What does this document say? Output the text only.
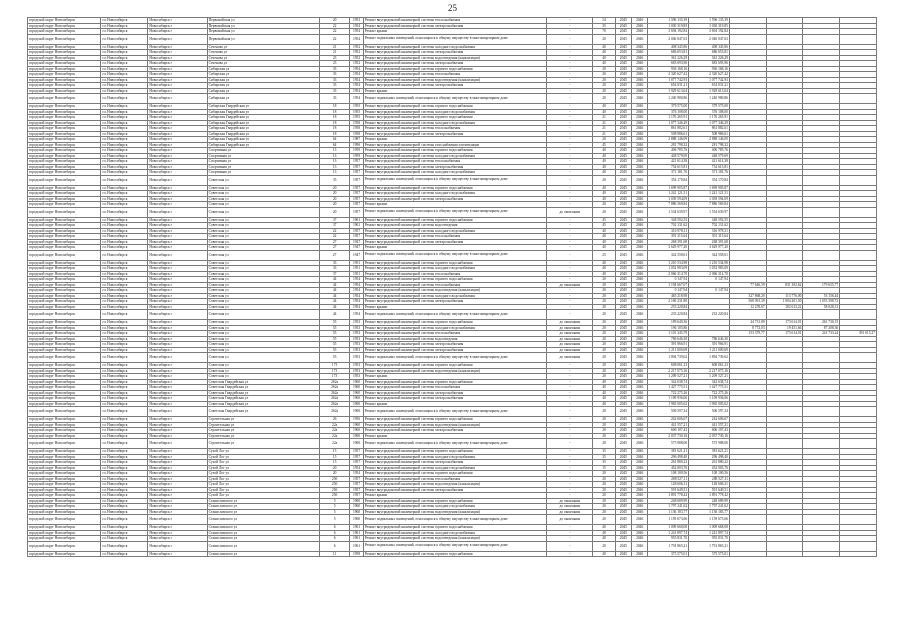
25
городской округ Новосибирск	г.о.Новосибирск	Новосибирск г	Первомайская ул	20	1953	Ремонт внутридомовой инженерной системы теплоснабжения	-	54	2045	2046	1 596 135,39	1 596 135,39				
городской округ Новосибирск	г.о.Новосибирск	Новосибирск г	Первомайская ул	22	1954	Ремонт внутридомовой инженерной системы электроснабжения	-	35	2045	2046	1 030 319,85	1 030 319,85				
городской округ Новосибирск	г.о.Новосибирск	Новосибирск г	Первомайская ул	22	1954	Ремонт крыши	-	70	2045	2046	3 694 192,84	3 694 192,84				
городской округ Новосибирск	г.о.Новосибирск	Новосибирск г	Первомайская ул	22	1954	Ремонт подвальных помещений, относящихся к общему имуществу в многоквартирном доме	-	20	2045	2046	2 046 047,63	2 046 047,63				
городской округ Новосибирск	г.о.Новосибирск	Новосибирск г	Сеченова ул	21	1952	Ремонт внутридомовой инженерной системы холодного водоснабжения	-	40	2045	2046	408 345,86	408 345,86				
городской округ Новосибирск	г.о.Новосибирск	Новосибирск г	Сеченова ул	21	1952	Ремонт внутридомовой инженерной системы электроснабжения	-	40	2045	2046	686 653,81	686 653,81				
городской округ Новосибирск	г.о.Новосибирск	Новосибирск г	Сеченова ул	23	1952	Ремонт внутридомовой инженерной системы водоотведения (канализации)	-	40	2045	2046	361 226,29	361 226,29				
городской округ Новосибирск	г.о.Новосибирск	Новосибирск г	Сеченова ул	23	1952	Ремонт внутридомовой инженерной системы электроснабжения	-	40	2045	2046	683 693,96	683 693,96				
городской округ Новосибирск	г.о.Новосибирск	Новосибирск г	Сибирская ул	33	1954	Ремонт внутридомовой инженерной системы горячего водоснабжения	-	20	2045	2046	936 168,16	936 168,16				
городской округ Новосибирск	г.о.Новосибирск	Новосибирск г	Сибирская ул	33	1954	Ремонт внутридомовой инженерной системы теплоснабжения	-	20	2045	2046	2 320 627,42	2 320 627,42				
городской округ Новосибирск	г.о.Новосибирск	Новосибирск г	Сибирская ул	33	1954	Ремонт внутридомовой инженерной системы водоотведения (канализации)	-	20	2045	2046	1 077 742,93	1 077 742,93				
городской округ Новосибирск	г.о.Новосибирск	Новосибирск г	Сибирская ул	33	1954	Ремонт внутридомовой инженерной системы электроснабжения	-	20	2045	2046	654 031,21	654 031,21				
городской округ Новосибирск	г.о.Новосибирск	Новосибирск г	Сибирская ул	33	1954	Ремонт крыши	-	20	2045	2046	1 929 613,64	1 929 613,64				
городской округ Новосибирск	г.о.Новосибирск	Новосибирск г	Сибирская ул	33	1954	Ремонт подвальных помещений, относящихся к общему имуществу в многоквартирном доме	-	20	2045	2046	1 240 980,86	1 240 980,86				
городской округ Новосибирск	г.о.Новосибирск	Новосибирск г	Сибирская Гвардейская ул	18	1955	Ремонт внутридомовой инженерной системы горячего водоснабжения	-	40	2045	2046	379 575,00	379 575,00				
городской округ Новосибирск	г.о.Новосибирск	Новосибирск г	Сибирская Гвардейская ул	18	1955	Ремонт внутридомовой инженерной системы холодного водоснабжения	-	40	2045	2046	376 108,00	376 108,00				
городской округ Новосибирск	г.о.Новосибирск	Новосибирск г	Сибирская Гвардейская ул	18	1955	Ремонт внутридомовой инженерной системы горячего водоснабжения	-	21	2045	2046	1 176 265,91	1 176 265,91				
городской округ Новосибирск	г.о.Новосибирск	Новосибирск г	Сибирская Гвардейская ул	18	1958	Ремонт внутридомовой инженерной системы холодного водоснабжения	-	21	2045	2046	1 077 346,29	1 077 346,29				
городской округ Новосибирск	г.о.Новосибирск	Новосибирск г	Сибирская Гвардейская ул	18	1958	Ремонт внутридомовой инженерной системы теплоснабжения	-	21	2045	2046	861 882,61	861 882,61				
городской округ Новосибирск	г.о.Новосибирск	Новосибирск г	Сибирская Гвардейская ул	18	1958	Ремонт внутридомовой инженерной системы электроснабжения	-	21	2045	2046	508 986,61	508 986,61				
городской округ Новосибирск	г.о.Новосибирск	Новосибирск г	Сибирская Гвардейская ул	64	1987	Ремонт крыши	-	20	2045	2046	2 888 146,09	2 888 146,09				
городской округ Новосибирск	г.о.Новосибирск	Новосибирск г	Сибирская Гвардейская ул	64	1996	Ремонт внутридомовой инженерной системы газоснабжения и вентиляции	-	45	2045	2046	281 798,32	281 798,32				
городской округ Новосибирск	г.о.Новосибирск	Новосибирск г	Спортивная ул	13	1959	Ремонт внутридомовой инженерной системы горячего водоснабжения	-	40	2045	2046	406 785,76	406 785,76				
городской округ Новосибирск	г.о.Новосибирск	Новосибирск г	Спортивная ул	13	1959	Ремонт внутридомовой инженерной системы холодного водоснабжения	-	40	2045	2046	448 579,69	448 579,69				
городской округ Новосибирск	г.о.Новосибирск	Новосибирск г	Спортивная ул	13	1957	Ремонт внутридомовой инженерной системы теплоснабжения	-	40	2045	2046	421 614,38	421 614,38				
городской округ Новосибирск	г.о.Новосибирск	Новосибирск г	Спортивная ул	13	1957	Ремонт внутридомовой инженерной системы электроснабжения	-	40	2045	2046	734 615,81	734 615,81				
городской округ Новосибирск	г.о.Новосибирск	Новосибирск г	Спортивная ул	13	1957	Ремонт внутридомовой инженерной системы холодного водоснабжения	-	40	2045	2046	371 181,76	371 181,76				
городской округ Новосибирск	г.о.Новосибирск	Новосибирск г	Советская ул	35	1957	Ремонт подвальных помещений, относящихся к общему имуществу в многоквартирном доме	-	20	2045	2046	354 170,84	354 170,84				
городской округ Новосибирск	г.о.Новосибирск	Новосибирск г	Советская ул	20	1957	Ремонт внутридомовой инженерной системы горячего водоснабжения	-	40	2045	2046	1 699 905,87	1 699 905,87				
городской округ Новосибирск	г.о.Новосибирск	Новосибирск г	Советская ул	20	1957	Ремонт внутридомовой инженерной системы холодного водоснабжения	-	40	2045	2046	1 241 121,51	1 241 121,51				
городской округ Новосибирск	г.о.Новосибирск	Новосибирск г	Советская ул	20	1957	Ремонт внутридомовой инженерной системы электроснабжения	-	40	2045	2046	1 039 594,09	1 039 594,09				
городской округ Новосибирск	г.о.Новосибирск	Новосибирск г	Советская ул	20	1957	Ремонт крыши	-	20	2045	2046	7 886 569,84	7 886 569,84				
городской округ Новосибирск	г.о.Новосибирск	Новосибирск г	Советская ул	20	1957	Ремонт подвальных помещений, относящихся к общему имуществу в многоквартирном доме	до окончания	20	2045	2046	1 534 639,97	1 534 639,97				
городской округ Новосибирск	г.о.Новосибирск	Новосибирск г	Советская ул	37	1961	Ремонт внутридомовой инженерной системы горячего водоснабжения	-	45	2045	2046	348 592,55	348 592,55				
городской округ Новосибирск	г.о.Новосибирск	Новосибирск г	Советская ул	37	1961	Ремонт внутридомовой инженерной системы водоотведения	-	45	2045	2046	702 131,62	702 131,62				
городской округ Новосибирск	г.о.Новосибирск	Новосибирск г	Советская ул	22	1957	Ремонт внутридомовой инженерной системы холодного водоснабжения	-	40	2045	2046	316 978,31	316 978,31				
городской округ Новосибирск	г.о.Новосибирск	Новосибирск г	Советская ул	22	1957	Ремонт внутридомовой инженерной системы теплоснабжения	-	40	2045	2046	391 315,64	391 315,64				
городской округ Новосибирск	г.о.Новосибирск	Новосибирск г	Советская ул	27	1947	Ремонт внутридомовой инженерной системы электроснабжения	-	40	2045	2046	268 391,68	268 391,68				
городской округ Новосибирск	г.о.Новосибирск	Новосибирск г	Советская ул	27	1947	Ремонт крыши	-	40	2045	2046	3 629 977,20	3 629 977,20				
городской округ Новосибирск	г.о.Новосибирск	Новосибирск г	Советская ул	27	1947	Ремонт подвальных помещений, относящихся к общему имуществу в многоквартирном доме	-	25	2045	2046	342 558,61	342 558,61				
городской округ Новосибирск	г.о.Новосибирск	Новосибирск г	Советская ул	33	1951	Ремонт внутридомовой инженерной системы горячего водоснабжения	-	40	2045	2046	1 210 534,98	1 210 534,98				
городской округ Новосибирск	г.о.Новосибирск	Новосибирск г	Советская ул	33	1951	Ремонт внутридомовой инженерной системы холодного водоснабжения	-	40	2045	2046	1 052 983,09	1 052 983,09				
городской округ Новосибирск	г.о.Новосибирск	Новосибирск г	Советская ул	37	1951	Ремонт внутридомовой инженерной системы теплоснабжения	-	40	2045	2046	2 066 314,70	2 066 314,70				
городской округ Новосибирск	г.о.Новосибирск	Новосибирск г	Советская ул	44	1954	Ремонт внутридомовой инженерной системы горячего водоснабжения	-	20	2045	2046	0 147,94	0 147,94				
городской округ Новосибирск	г.о.Новосибирск	Новосибирск г	Советская ул	44	1954	Ремонт внутридомовой инженерной системы теплоснабжения	до окончания	20	2045	2046	1 194 667,07		77 646,59	831 392,62	179 655,77	
городской округ Новосибирск	г.о.Новосибирск	Новосибирск г	Советская ул	44	1954	Ремонт внутридомовой инженерной системы водоотведения (канализации)	-	20	2045	2046	0 147,94	0 147,94				
городской округ Новосибирск	г.о.Новосибирск	Новосибирск г	Советская ул	44	1954	Ремонт внутридомовой инженерной системы холодного водоснабжения	-	20	2045	2046	465 218,98		327 868,20	113 776,00	53 156,44	
городской округ Новосибирск	г.о.Новосибирск	Новосибирск г	Советская ул	44	1954	Ремонт внутридомовой инженерной системы электроснабжения	-	20	2045	2046	2 169 231,80		568 091,39	1 004 201,50	1 053 398,72	
городской округ Новосибирск	г.о.Новосибирск	Новосибирск г	Советская ул	44	1954	Ремонт крыши	-	20	2045	2046	253 220,84		12 259,67	182 613,22	58 028,31	
городской округ Новосибирск	г.о.Новосибирск	Новосибирск г	Советская ул	44	1954	Ремонт подвальных помещений, относящихся к общему имуществу в многоквартирном доме	-	20	2045	2046	233 220,84	233 220,84				
городской округ Новосибирск	г.о.Новосибирск	Новосибирск г	Советская ул	55	1953	Ремонт внутридомовой инженерной системы горячего водоснабжения	до окончания	20	2045	2046	189 640,36		24 731,89	173 614,01	261 730,15	
городской округ Новосибирск	г.о.Новосибирск	Новосибирск г	Советская ул	55	1953	Ремонт внутридомовой инженерной системы холодного водоснабжения	до окончания	20	2045	2046	196 105,86		8 772,03	19 451,66	87 208,36	
городской округ Новосибирск	г.о.Новосибирск	Новосибирск г	Советская ул	55	1953	Ремонт внутридомовой инженерной системы теплоснабжения	до окончания	20	2045	2046	1 101 345,79		153 379,77	173 614,01	241 733,24	391 015,27
городской округ Новосибирск	г.о.Новосибирск	Новосибирск г	Советская ул	55	1953	Ремонт внутридомовой инженерной системы водоотведения	до окончания	20	2045	2046	786 646,30	786 646,30				
городской округ Новосибирск	г.о.Новосибирск	Новосибирск г	Советская ул	55	1953	Ремонт внутридомовой инженерной системы электроснабжения	до окончания	20	2045	2046	391 966,91	391 966,91				
городской округ Новосибирск	г.о.Новосибирск	Новосибирск г	Советская ул	55	1953	Ремонт внутридомовой инженерной системы электроснабжения	до окончания	20	2045	2046	1 211 000,69	1 211 000,69				
городской округ Новосибирск	г.о.Новосибирск	Новосибирск г	Советская ул	55	1953	Ремонт подвальных помещений, относящихся к общему имуществу в многоквартирном доме	до окончания	20	2045	2046	1 894 739,62	1 894 739,62				
городской округ Новосибирск	г.о.Новосибирск	Новосибирск г	Советская ул	173	1953	Ремонт внутридомовой инженерной системы горячего водоснабжения	-	20	2045	2046	608 061,23	608 061,23				
городской округ Новосибирск	г.о.Новосибирск	Новосибирск г	Советская ул	173	1953	Ремонт внутридомовой инженерной системы водоотведения (канализации)	-	20	2045	2046	2 217 075,16	2 217 075,16				
городской округ Новосибирск	г.о.Новосибирск	Новосибирск г	Советская ул	173	1953	Ремонт крыши	-	20	2045	2046	1 209 527,21	1 209 527,21				
городской округ Новосибирск	г.о.Новосибирск	Новосибирск г	Советская Гвардейская ул	262а	1960	Ремонт внутридомовой инженерной системы горячего водоснабжения	-	40	2045	2046	342 638,74	342 638,74				
городской округ Новосибирск	г.о.Новосибирск	Новосибирск г	Советская Гвардейская ул	262а	1960	Ремонт внутридомовой инженерной системы теплоснабжения	-	40	2045	2046	1 427 775,51	1 427 775,51				
городской округ Новосибирск	г.о.Новосибирск	Новосибирск г	Советская Гвардейская ул	262а	1960	Ремонт внутридомовой инженерной системы электроснабжения	-	40	2045	2046	722 275,26	722 275,26				
городской округ Новосибирск	г.о.Новосибирск	Новосибирск г	Советская Гвардейская ул	262а	1960	Ремонт внутридомовой инженерной системы электроснабжения	-	40	2045	2046	1 109 936,06	1 109 936,06				
городской округ Новосибирск	г.о.Новосибирск	Новосибирск г	Советская Гвардейская ул	262а	1960	Ремонт крыши	-	40	2045	2046	1 965 005,62	1 965 005,62				
городской округ Новосибирск	г.о.Новосибирск	Новосибирск г	Советская Гвардейская ул	262а	1960	Ремонт подвальных помещений, относящихся к общему имуществу в многоквартирном доме	-	20	2045	2046	506 597,34	506 597,34				
городской округ Новосибирск	г.о.Новосибирск	Новосибирск г	Строительная ул	26	1956	Ремонт внутридомовой инженерной системы горячего водоснабжения	-	20	2045	2046	242 606,67	242 606,67				
городской округ Новосибирск	г.о.Новосибирск	Новосибирск г	Строительная ул	22а	1960	Ремонт внутридомовой инженерной системы водоотведения (канализации)	-	20	2045	2046	441 557,21	441 557,21				
городской округ Новосибирск	г.о.Новосибирск	Новосибирск г	Строительная ул	22а	1960	Ремонт внутридомовой инженерной системы электроснабжения	-	20	2045	2046	606 107,43	606 107,43				
городской округ Новосибирск	г.о.Новосибирск	Новосибирск г	Строительная ул	22а	1960	Ремонт крыши	-	20	2045	2046	2 037 730,16	2 037 730,16				
городской округ Новосибирск	г.о.Новосибирск	Новосибирск г	Строительная ул	22а	1960	Ремонт подвальных помещений, относящихся к общему имуществу в многоквартирном доме	-	20	2045	2046	575 988,00	575 988,00				
городской округ Новосибирск	г.о.Новосибирск	Новосибирск г	Сухой Лог ул	15	1957	Ремонт внутридомовой инженерной системы горячего водоснабжения	-	35	2045	2046	381 621,21	381 621,21				
городской округ Новосибирск	г.о.Новосибирск	Новосибирск г	Сухой Лог ул	15	1957	Ремонт внутридомовой инженерной системы холодного водоснабжения	-	35	2045	2046	296 498,40	296 498,40				
городской округ Новосибирск	г.о.Новосибирск	Новосибирск г	Сухой Лог ул	15	1957	Ремонт внутридомовой инженерной системы электроснабжения	-	35	2045	2046	261 880,22	261 880,22				
городской округ Новосибирск	г.о.Новосибирск	Новосибирск г	Сухой Лог ул	20	1954	Ремонт внутридомовой инженерной системы холодного водоснабжения	-	15	2045	2046	452 003,76	452 003,76				
городской округ Новосибирск	г.о.Новосибирск	Новосибирск г	Сухой Лог ул	20	1954	Ремонт внутридомовой инженерной системы горячего водоснабжения	-	20	2045	2046	108 100,56	108 100,56				
городской округ Новосибирск	г.о.Новосибирск	Новосибирск г	Сухой Лог ул	25б	1957	Ремонт внутридомовой инженерной системы теплоснабжения	-	20	2045	2046	288 527,11	288 527,11				
городской округ Новосибирск	г.о.Новосибирск	Новосибирск г	Сухой Лог ул	25б	1957	Ремонт внутридомовой инженерной системы водоотведения (канализации)	-	20	2045	2046	128 606,31	128 606,31				
городской округ Новосибирск	г.о.Новосибирск	Новосибирск г	Сухой Лог ул	25б	1957	Ремонт внутридомовой инженерной системы электроснабжения	-	20	2045	2046	591 649,51	591 649,51				
городской округ Новосибирск	г.о.Новосибирск	Новосибирск г	Сухой Лог ул	25б	1957	Ремонт крыши	-	20	2045	2046	1 891 778,42	1 891 778,42				
городской округ Новосибирск	г.о.Новосибирск	Новосибирск г	Станиславского ул	5	1960	Ремонт внутридомовой инженерной системы горячего водоснабжения	до окончания	20	2045	2046	248 689,99	248 689,99				
городской округ Новосибирск	г.о.Новосибирск	Новосибирск г	Станиславского ул	5	1960	Ремонт внутридомовой инженерной системы холодного водоснабжения	до окончания	20	2045	2046	1 797 241,62	1 797 241,62				
городской округ Новосибирск	г.о.Новосибирск	Новосибирск г	Станиславского ул	5	1960	Ремонт внутридомовой инженерной системы водоотведения (канализации)	до окончания	20	2045	2046	1 136 183,77	1 136 183,77				
городской округ Новосибирск	г.о.Новосибирск	Новосибирск г	Станиславского ул	5	1960	Ремонт подвальных помещений, относящихся к общему имуществу в многоквартирном доме	до окончания	20	2045	2046	1 159 673,66	1 159 673,66				
городской округ Новосибирск	г.о.Новосибирск	Новосибирск г	Станиславского ул	6	1961	Ремонт внутридомовой инженерной системы горячего водоснабжения	-	40	2045	2046	1 009 668,08	1 009 668,08				
городской округ Новосибирск	г.о.Новосибирск	Новосибирск г	Станиславского ул	6	1961	Ремонт внутридомовой инженерной системы холодного водоснабжения	-	40	2045	2046	1 241 897,74	1 241 897,74				
городской округ Новосибирск	г.о.Новосибирск	Новосибирск г	Станиславского ул	6	1961	Ремонт внутридомовой инженерной системы водоотведения (канализации)	-	40	2045	2046	955 831,70	955 831,70				
городской округ Новосибирск	г.о.Новосибирск	Новосибирск г	Станиславского ул	6	1961	Ремонт подвальных помещений, относящихся к общему имуществу в многоквартирном доме	-	20	2045	2046	1 791 865,21	1 791 865,21				
городской округ Новосибирск	г.о.Новосибирск	Новосибирск г	Станиславского ул	11	1958	Ремонт внутридомовой инженерной системы горячего водоснабжения	-	40	2045	2046	375 575,01	375 575,01				
